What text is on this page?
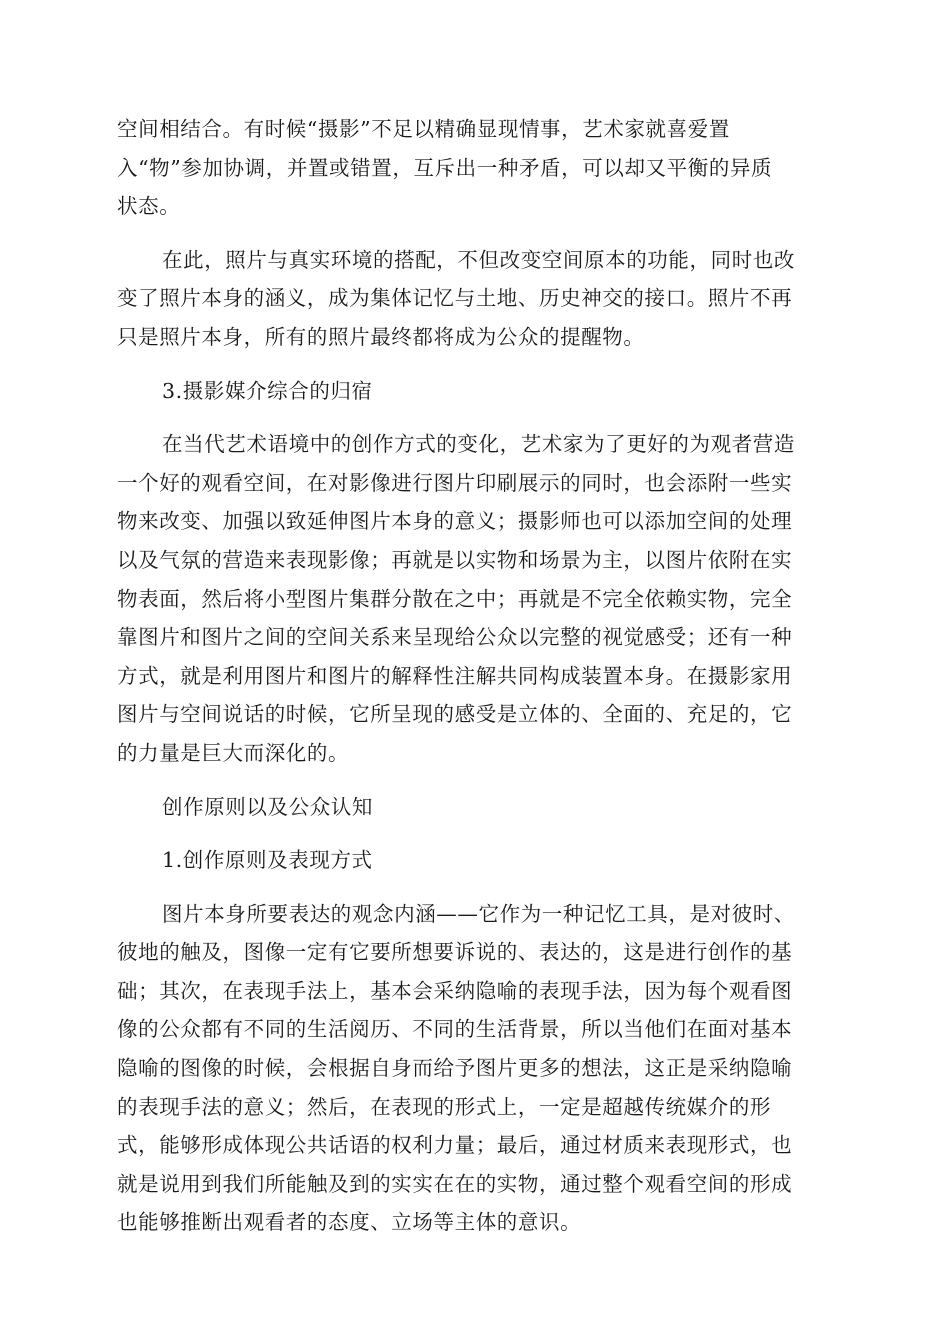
空间相结合。有时候“摄影”不足以精确显现情事，艺术家就喜爱置
入“物”参加协调，并置或错置，互斥出一种矛盾，可以却又平衡的异质
状态。
在此，照片与真实环境的搭配，不但改变空间原本的功能，同时也改
变了照片本身的涵义，成为集体记忆与土地、历史神交的接口。照片不再
只是照片本身，所有的照片最终都将成为公众的提醒物。
3.摄影媒介综合的归宿
在当代艺术语境中的创作方式的变化，艺术家为了更好的为观者营造
一个好的观看空间，在对影像进行图片印刷展示的同时，也会添附一些实
物来改变、加强以致延伸图片本身的意义；摄影师也可以添加空间的处理
以及气氛的营造来表现影像；再就是以实物和场景为主，以图片依附在实
物表面，然后将小型图片集群分散在之中；再就是不完全依赖实物，完全
靠图片和图片之间的空间关系来呈现给公众以完整的视觉感受；还有一种
方式，就是利用图片和图片的解释性注解共同构成装置本身。在摄影家用
图片与空间说话的时候，它所呈现的感受是立体的、全面的、充足的，它
的力量是巨大而深化的。
创作原则以及公众认知
1.创作原则及表现方式
图片本身所要表达的观念内涵——它作为一种记忆工具，是对彼时、
彼地的触及，图像一定有它要所想要诉说的、表达的，这是进行创作的基
础；其次，在表现手法上，基本会采纳隐喻的表现手法，因为每个观看图
像的公众都有不同的生活阅历、不同的生活背景，所以当他们在面对基本
隐喻的图像的时候，会根据自身而给予图片更多的想法，这正是采纳隐喻
的表现手法的意义；然后，在表现的形式上，一定是超越传统媒介的形
式，能够形成体现公共话语的权利力量；最后，通过材质来表现形式，也
就是说用到我们所能触及到的实实在在的实物，通过整个观看空间的形成
也能够推断出观看者的态度、立场等主体的意识。
